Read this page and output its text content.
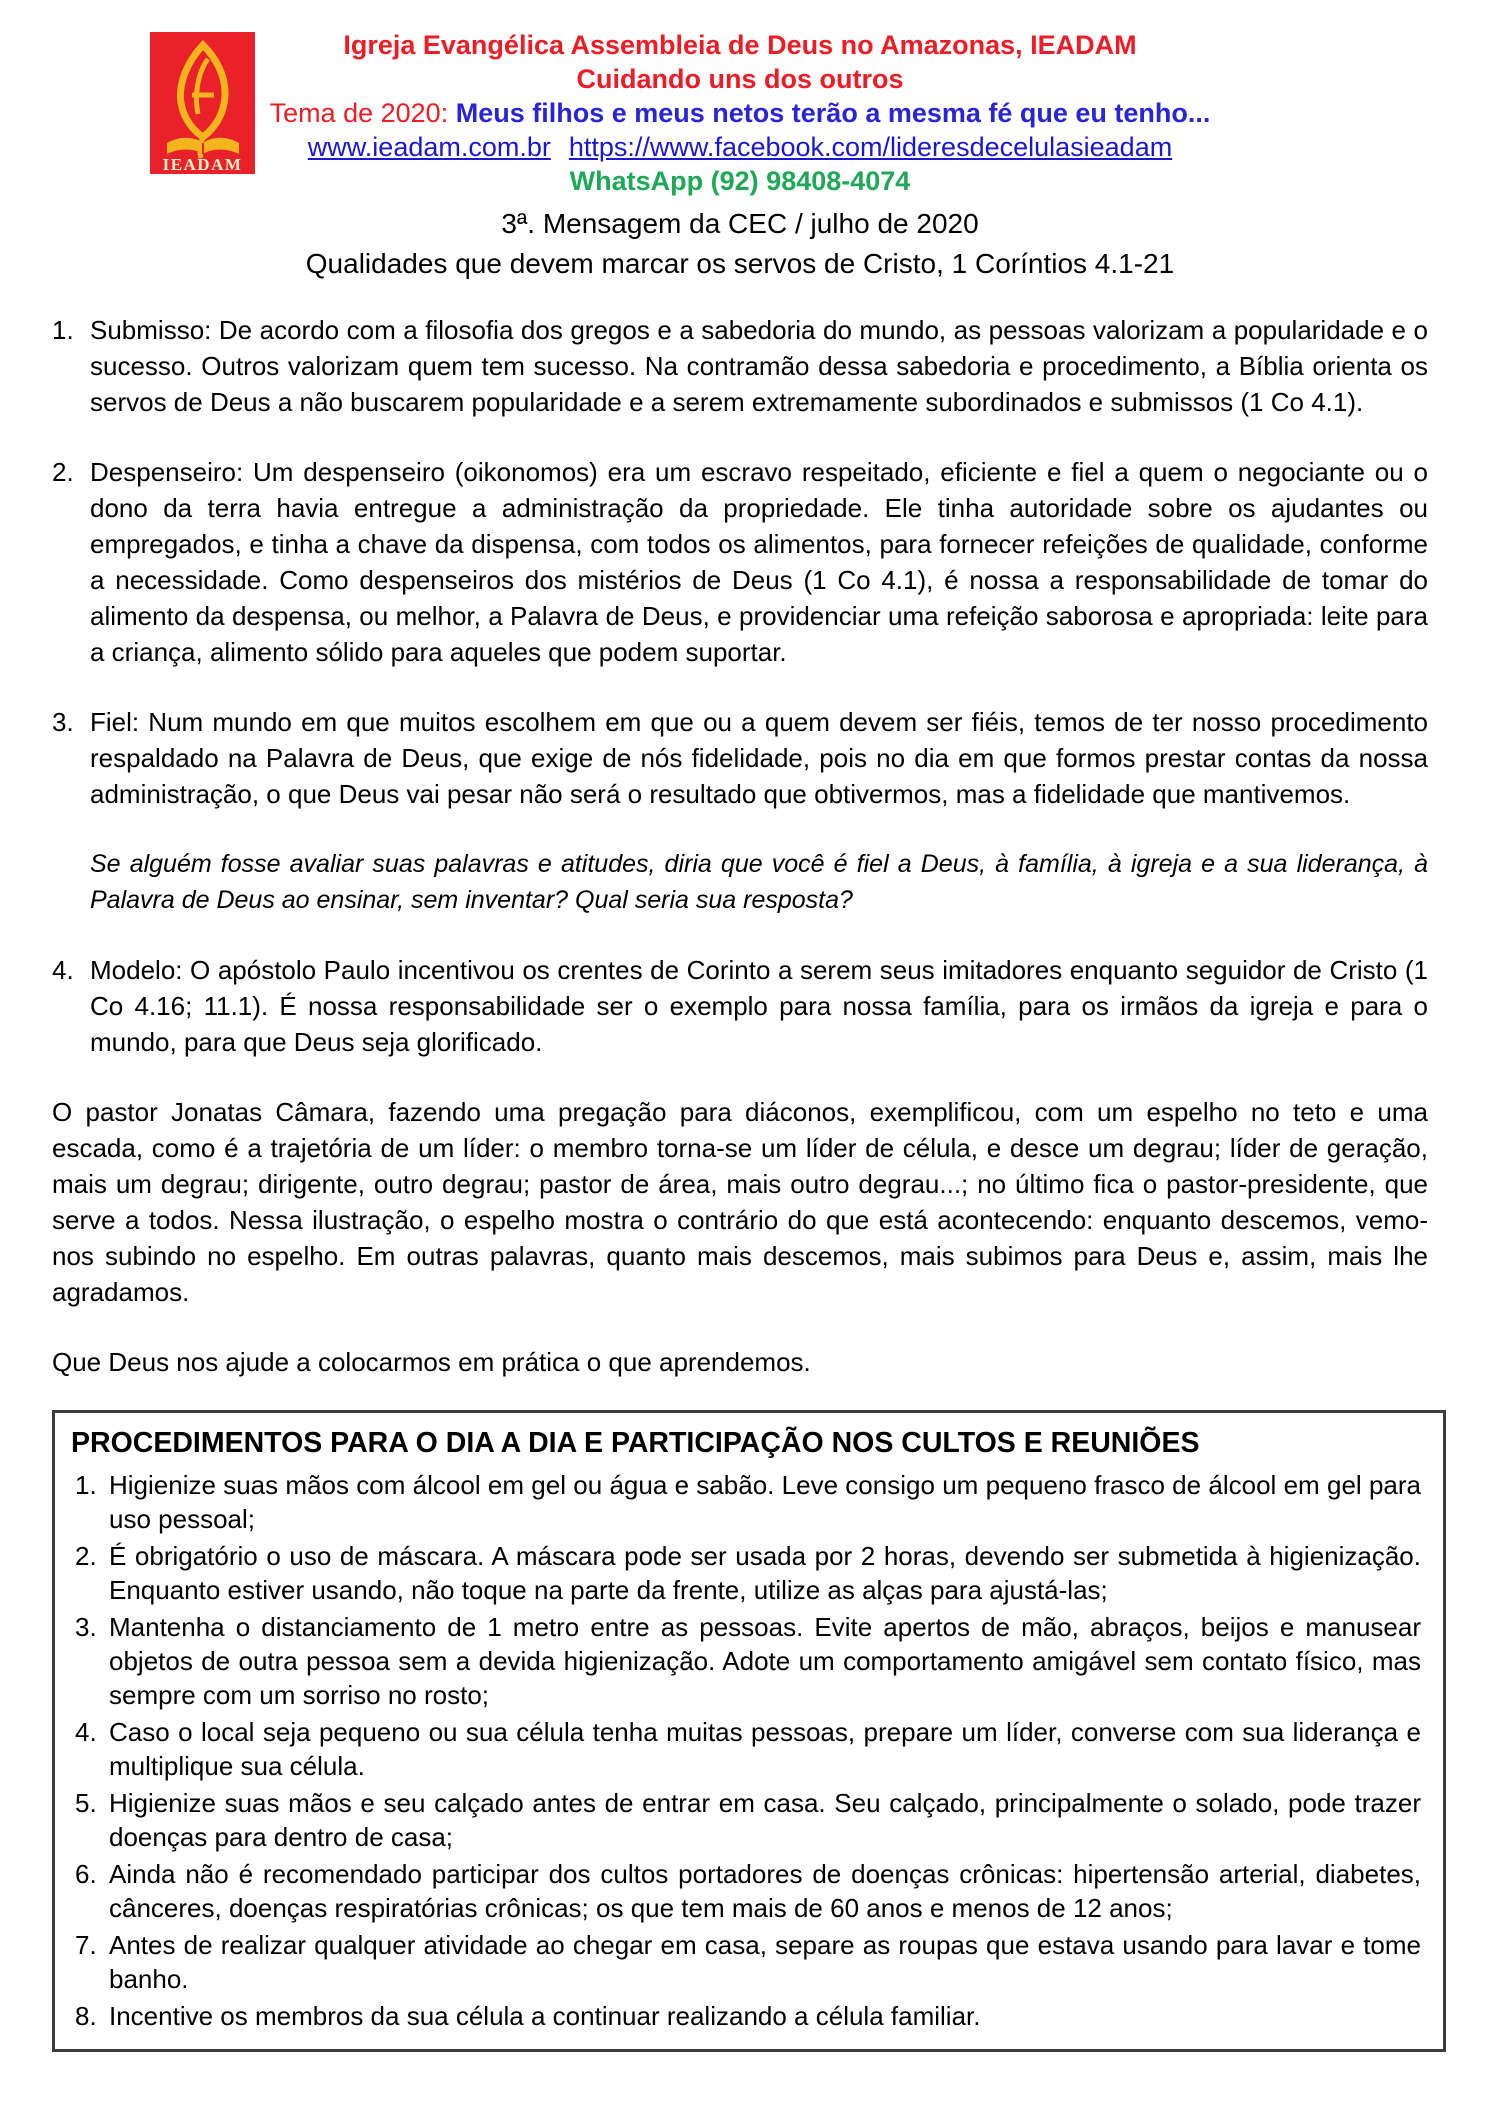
IEADAM
Igreja Evangélica Assembleia de Deus no Amazonas, IEADAM
Cuidando uns dos outros
Tema de 2020: Meus filhos e meus netos terão a mesma fé que eu tenho...
www.ieadam.com.br https://www.facebook.com/lideresdecelulasieadam
WhatsApp (92) 98408-4074
3ª. Mensagem da CEC / julho de 2020
Qualidades que devem marcar os servos de Cristo, 1 Coríntios 4.1-21
1. Submisso: De acordo com a filosofia dos gregos e a sabedoria do mundo, as pessoas valorizam a popularidade e o sucesso. Outros valorizam quem tem sucesso. Na contramão dessa sabedoria e procedimento, a Bíblia orienta os servos de Deus a não buscarem popularidade e a serem extremamente subordinados e submissos (1 Co 4.1).
2. Despenseiro: Um despenseiro (oikonomos) era um escravo respeitado, eficiente e fiel a quem o negociante ou o dono da terra havia entregue a administração da propriedade. Ele tinha autoridade sobre os ajudantes ou empregados, e tinha a chave da dispensa, com todos os alimentos, para fornecer refeições de qualidade, conforme a necessidade. Como despenseiros dos mistérios de Deus (1 Co 4.1), é nossa a responsabilidade de tomar do alimento da despensa, ou melhor, a Palavra de Deus, e providenciar uma refeição saborosa e apropriada: leite para a criança, alimento sólido para aqueles que podem suportar.
3. Fiel: Num mundo em que muitos escolhem em que ou a quem devem ser fiéis, temos de ter nosso procedimento respaldado na Palavra de Deus, que exige de nós fidelidade, pois no dia em que formos prestar contas da nossa administração, o que Deus vai pesar não será o resultado que obtivermos, mas a fidelidade que mantivemos.
Se alguém fosse avaliar suas palavras e atitudes, diria que você é fiel a Deus, à família, à igreja e a sua liderança, à Palavra de Deus ao ensinar, sem inventar? Qual seria sua resposta?
4. Modelo: O apóstolo Paulo incentivou os crentes de Corinto a serem seus imitadores enquanto seguidor de Cristo (1 Co 4.16; 11.1). É nossa responsabilidade ser o exemplo para nossa família, para os irmãos da igreja e para o mundo, para que Deus seja glorificado.
O pastor Jonatas Câmara, fazendo uma pregação para diáconos, exemplificou, com um espelho no teto e uma escada, como é a trajetória de um líder: o membro torna-se um líder de célula, e desce um degrau; líder de geração, mais um degrau; dirigente, outro degrau; pastor de área, mais outro degrau...; no último fica o pastor-presidente, que serve a todos. Nessa ilustração, o espelho mostra o contrário do que está acontecendo: enquanto descemos, vemo-nos subindo no espelho. Em outras palavras, quanto mais descemos, mais subimos para Deus e, assim, mais lhe agradamos.
Que Deus nos ajude a colocarmos em prática o que aprendemos.
PROCEDIMENTOS PARA O DIA A DIA E PARTICIPAÇÃO NOS CULTOS E REUNIÕES
1. Higienize suas mãos com álcool em gel ou água e sabão. Leve consigo um pequeno frasco de álcool em gel para uso pessoal;
2. É obrigatório o uso de máscara. A máscara pode ser usada por 2 horas, devendo ser submetida à higienização. Enquanto estiver usando, não toque na parte da frente, utilize as alças para ajustá-las;
3. Mantenha o distanciamento de 1 metro entre as pessoas. Evite apertos de mão, abraços, beijos e manusear objetos de outra pessoa sem a devida higienização. Adote um comportamento amigável sem contato físico, mas sempre com um sorriso no rosto;
4. Caso o local seja pequeno ou sua célula tenha muitas pessoas, prepare um líder, converse com sua liderança e multiplique sua célula.
5. Higienize suas mãos e seu calçado antes de entrar em casa. Seu calçado, principalmente o solado, pode trazer doenças para dentro de casa;
6. Ainda não é recomendado participar dos cultos portadores de doenças crônicas: hipertensão arterial, diabetes, cânceres, doenças respiratórias crônicas; os que tem mais de 60 anos e menos de 12 anos;
7. Antes de realizar qualquer atividade ao chegar em casa, separe as roupas que estava usando para lavar e tome banho.
8. Incentive os membros da sua célula a continuar realizando a célula familiar.
